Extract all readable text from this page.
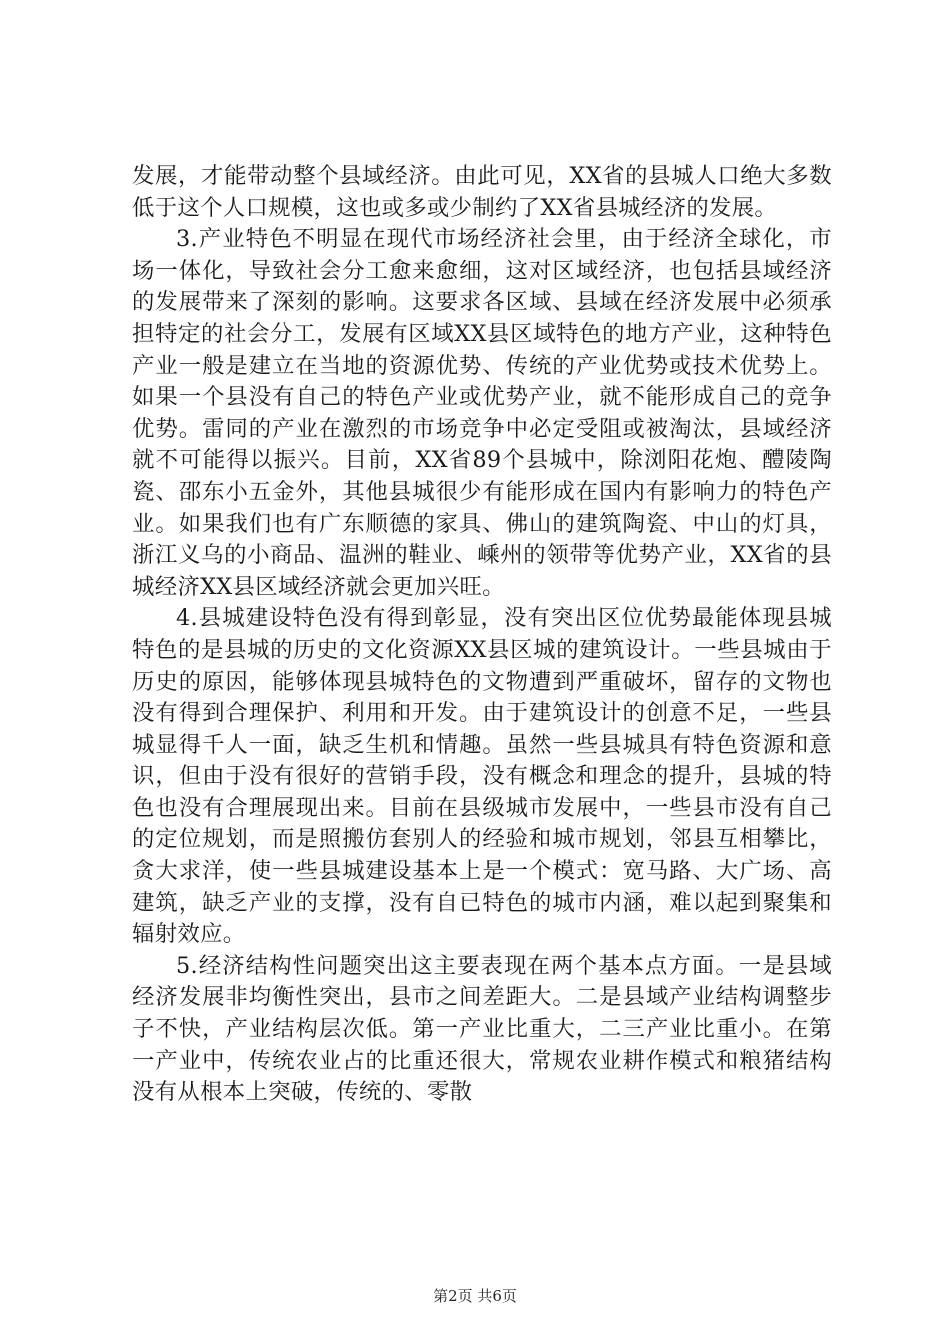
发展，才能带动整个县域经济。由此可见，XX省的县城人口绝大多数低于这个人口规模，这也或多或少制约了XX省县城经济的发展。

3.产业特色不明显在现代市场经济社会里，由于经济全球化，市场一体化，导致社会分工愈来愈细，这对区域经济，也包括县域经济的发展带来了深刻的影响。这要求各区域、县域在经济发展中必须承担特定的社会分工，发展有区域XX县区域特色的地方产业，这种特色产业一般是建立在当地的资源优势、传统的产业优势或技术优势上。如果一个县没有自己的特色产业或优势产业，就不能形成自己的竞争优势。雷同的产业在激烈的市场竞争中必定受阻或被淘汰，县域经济就不可能得以振兴。目前，XX省89个县城中，除浏阳花炮、醴陵陶瓷、邵东小五金外，其他县城很少有能形成在国内有影响力的特色产业。如果我们也有广东顺德的家具、佛山的建筑陶瓷、中山的灯具，浙江义乌的小商品、温洲的鞋业、嵊州的领带等优势产业，XX省的县城经济XX县区域经济就会更加兴旺。

4.县城建设特色没有得到彰显，没有突出区位优势最能体现县城特色的是县城的历史的文化资源XX县区城的建筑设计。一些县城由于历史的原因，能够体现县城特色的文物遭到严重破坏，留存的文物也没有得到合理保护、利用和开发。由于建筑设计的创意不足，一些县城显得千人一面，缺乏生机和情趣。虽然一些县城具有特色资源和意识，但由于没有很好的营销手段，没有概念和理念的提升，县城的特色也没有合理展现出来。目前在县级城市发展中，一些县市没有自己的定位规划，而是照搬仿套别人的经验和城市规划，邻县互相攀比，贪大求洋，使一些县城建设基本上是一个模式：宽马路、大广场、高建筑，缺乏产业的支撑，没有自已特色的城市内涵，难以起到聚集和辐射效应。

5.经济结构性问题突出这主要表现在两个基本点方面。一是县域经济发展非均衡性突出，县市之间差距大。二是县域产业结构调整步子不快，产业结构层次低。第一产业比重大，二三产业比重小。在第一产业中，传统农业占的比重还很大，常规农业耕作模式和粮猪结构没有从根本上突破，传统的、零散

第2页 共6页
